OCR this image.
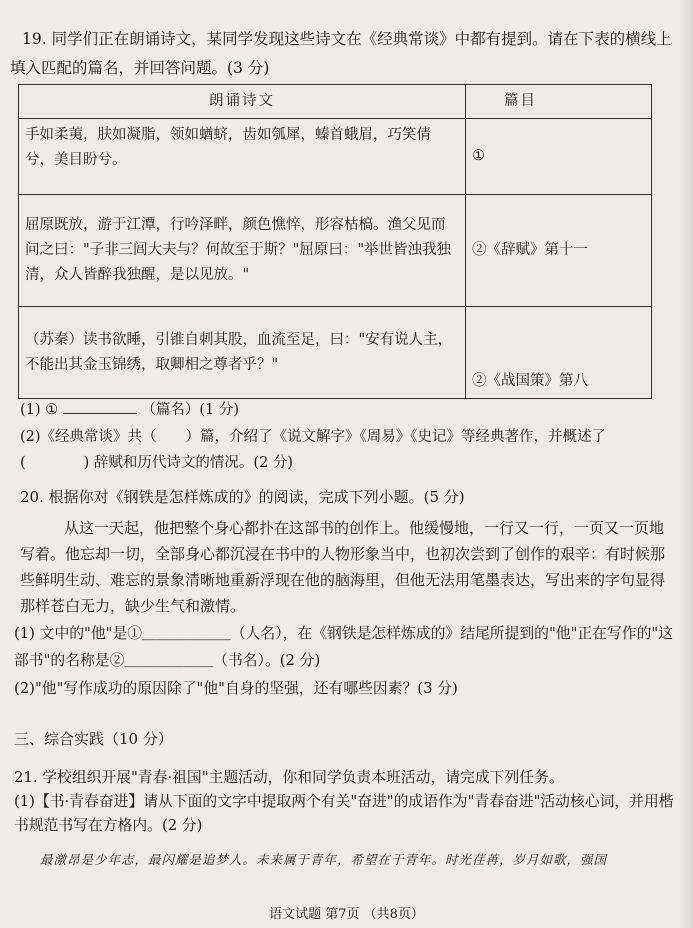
19. 同学们正在朗诵诗文，某同学发现这些诗文在《经典常谈》中都有提到。请在下表的横线上
填入匹配的篇名，并回答问题。(3 分)
朗诵诗文	篇目
手如柔荑，肤如凝脂，领如蝤蛴，齿如瓠犀，螓首蛾眉，巧笑倩兮，美目盼兮。	①
屈原既放，游于江潭，行吟泽畔，颜色憔悴，形容枯槁。渔父见而问之曰："子非三闾大夫与？何故至于斯？"屈原曰："举世皆浊我独清，众人皆醉我独醒，是以见放。"	②《辞赋》第十一
（苏秦）读书欲睡，引锥自刺其股，血流至足，曰："安有说人主，不能出其金玉锦绣，取卿相之尊者乎？"	②《战国策》第八
(1) ①	（篇名）(1 分)
(2)《经典常谈》共（　　）篇，介绍了《说文解字》《周易》《史记》等经典著作，并概述了(　　　　) 辞赋和历代诗文的情况。(2 分)
20. 根据你对《钢铁是怎样炼成的》的阅读，完成下列小题。(5 分)
从这一天起，他把整个身心都扑在这部书的创作上。他缓慢地，一行又一行，一页又一页地写着。他忘却一切，全部身心都沉浸在书中的人物形象当中，也初次尝到了创作的艰辛：有时候那些鲜明生动、难忘的景象清晰地重新浮现在他的脑海里，但他无法用笔墨表达，写出来的字句显得那样苍白无力，缺少生气和激情。
(1) 文中的"他"是①＿＿＿＿＿＿（人名），在《钢铁是怎样炼成的》结尾所提到的"他"正在写作的"这部书"的名称是②＿＿＿＿＿＿（书名）。(2 分)
(2)"他"写作成功的原因除了"他"自身的坚强，还有哪些因素？(3 分)
三、综合实践（10 分）
21. 学校组织开展"青春·祖国"主题活动，你和同学负责本班活动，请完成下列任务。
(1)【书·青春奋进】请从下面的文字中提取两个有关"奋进"的成语作为"青春奋进"活动核心词，并用楷书规范书写在方格内。(2 分)
最激昂是少年志，最闪耀是追梦人。未来属于青年，希望在于青年。时光荏苒，岁月如歌，强国
语文试题 第7页 （共8页）
